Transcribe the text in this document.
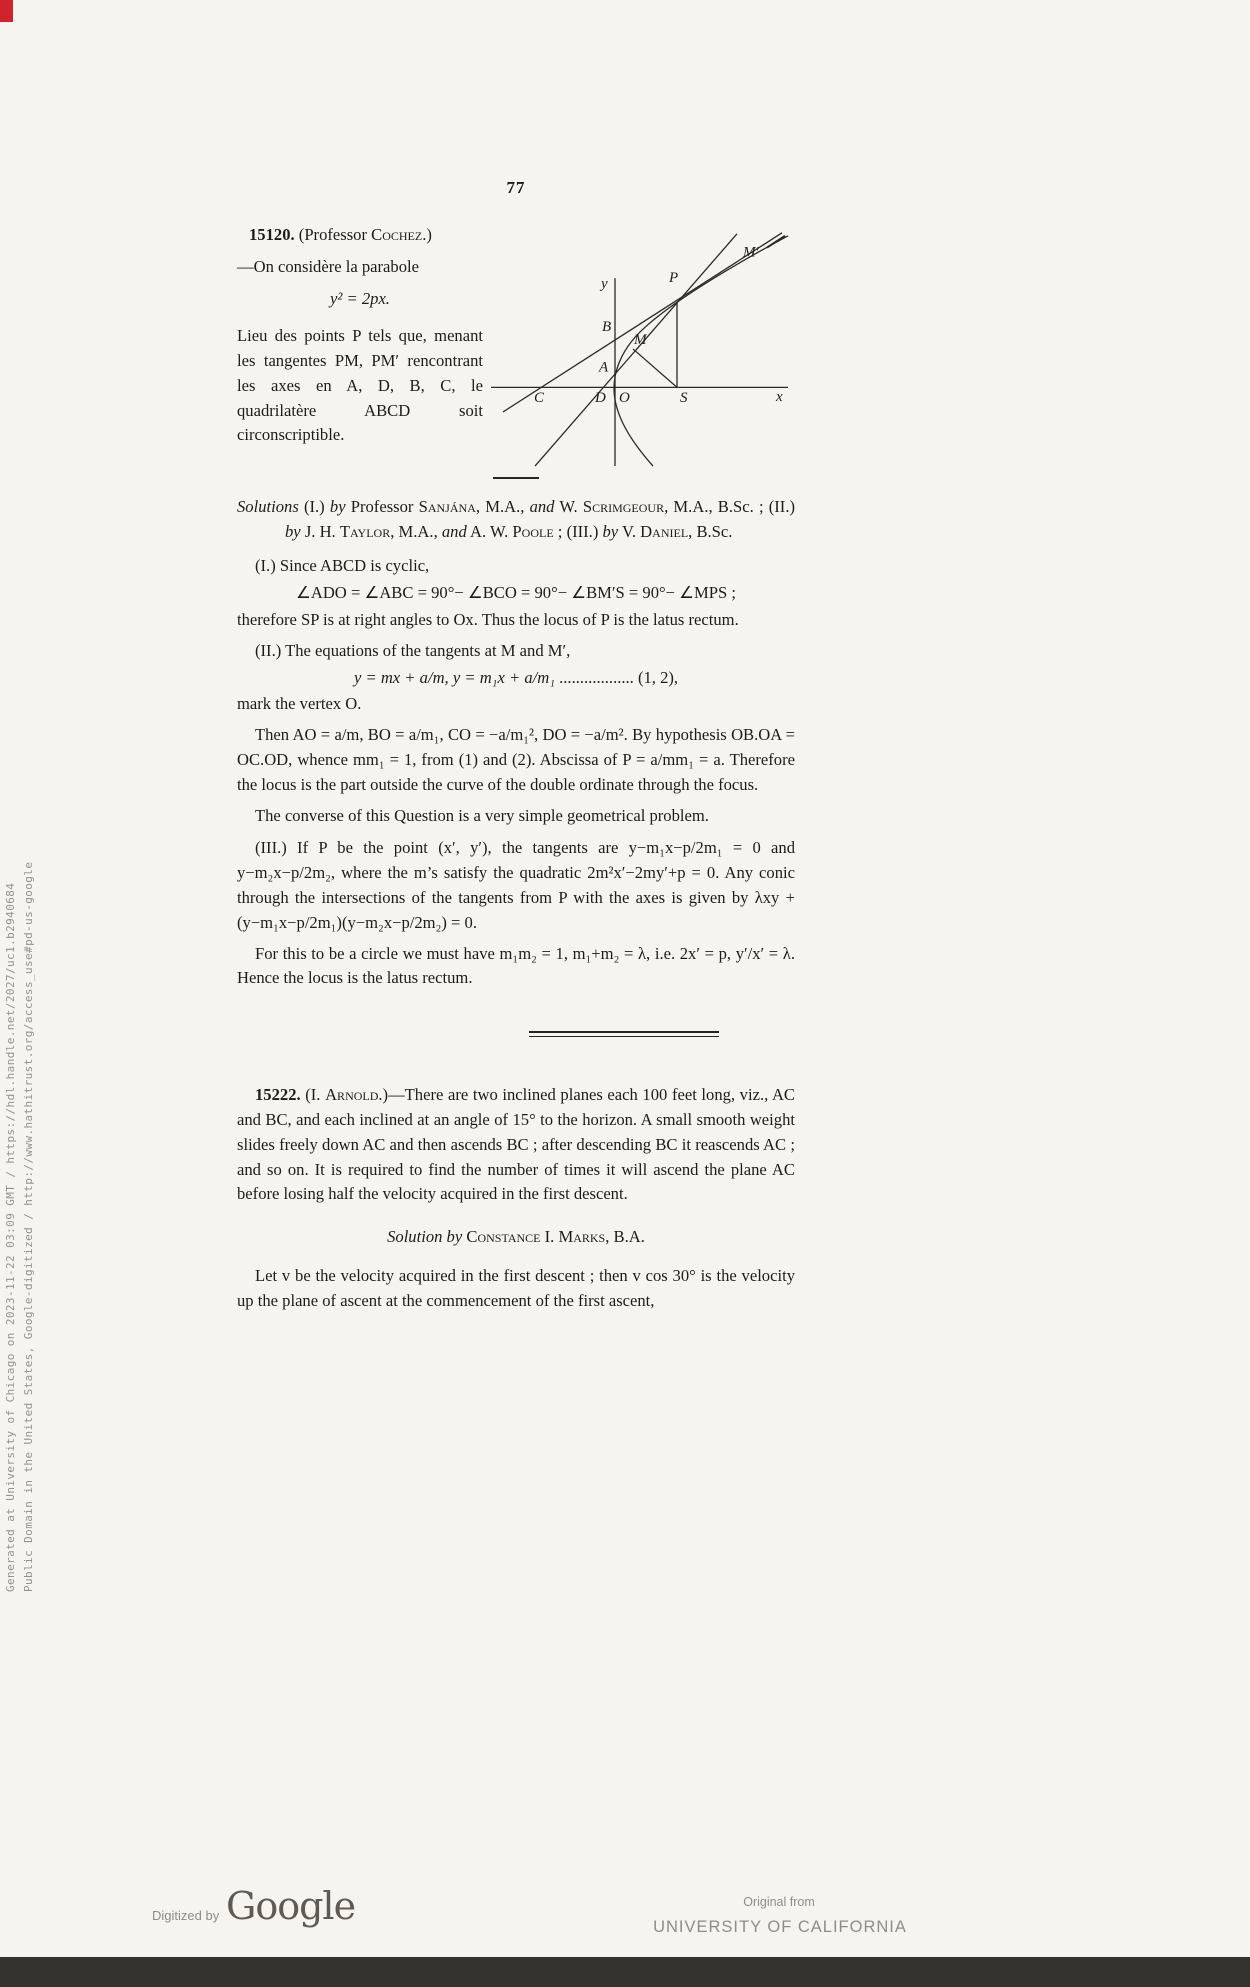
Generated at University of Chicago on 2023-11-22 03:09 GMT / https://hdl.handle.net/2027/uc1.b2940684 Public Domain in the United States, Google-digitized / http://www.hathitrust.org/access_use#pd-us-google
77

15120. (Professor Cochez.)

—On considère la parabole

y² = 2px.

Lieu des points P tels que, menant les tangentes PM, PM′ rencontrant les axes en A, D, B, C, le quadrilatère ABCD soit circonscriptible.

y
x
P
M′
B
M
A
C	D O	S

Solutions (I.) by Professor Sanjána, M.A., and W. Scrimgeour, M.A., B.Sc. ; (II.) by J. H. Taylor, M.A., and A. W. Poole ; (III.) by V. Daniel, B.Sc.

(I.) Since ABCD is cyclic,

∠ADO = ∠ABC = 90°− ∠BCO = 90°− ∠BM′S = 90°− ∠MPS ;

therefore SP is at right angles to Ox. Thus the locus of P is the latus rectum.

(II.) The equations of the tangents at M and M′,

y = mx + a/m, y = m₁x + a/m₁ .................. (1, 2),

mark the vertex O.

Then AO = a/m, BO = a/m₁, CO = −a/m₁², DO = −a/m². By hypothesis OB.OA = OC.OD, whence mm₁ = 1, from (1) and (2). Abscissa of P = a/mm₁ = a. Therefore the locus is the part outside the curve of the double ordinate through the focus.

The converse of this Question is a very simple geometrical problem.

(III.) If P be the point (x′, y′), the tangents are y−m₁x−p/2m₁ = 0 and y−m₂x−p/2m₂, where the m’s satisfy the quadratic 2m²x′−2my′+p = 0. Any conic through the intersections of the tangents from P with the axes is given by λxy + (y−m₁x−p/2m₁)(y−m₂x−p/2m₂) = 0.

For this to be a circle we must have m₁m₂ = 1, m₁+m₂ = λ, i.e. 2x′ = p, y′/x′ = λ. Hence the locus is the latus rectum.

15222. (I. Arnold.)—There are two inclined planes each 100 feet long, viz., AC and BC, and each inclined at an angle of 15° to the horizon. A small smooth weight slides freely down AC and then ascends BC ; after descending BC it reascends AC ; and so on. It is required to find the number of times it will ascend the plane AC before losing half the velocity acquired in the first descent.

Solution by Constance I. Marks, B.A.

Let v be the velocity acquired in the first descent ; then v cos 30° is the velocity up the plane of ascent at the commencement of the first ascent,

Digitized by Google	Original from
UNIVERSITY OF CALIFORNIA
